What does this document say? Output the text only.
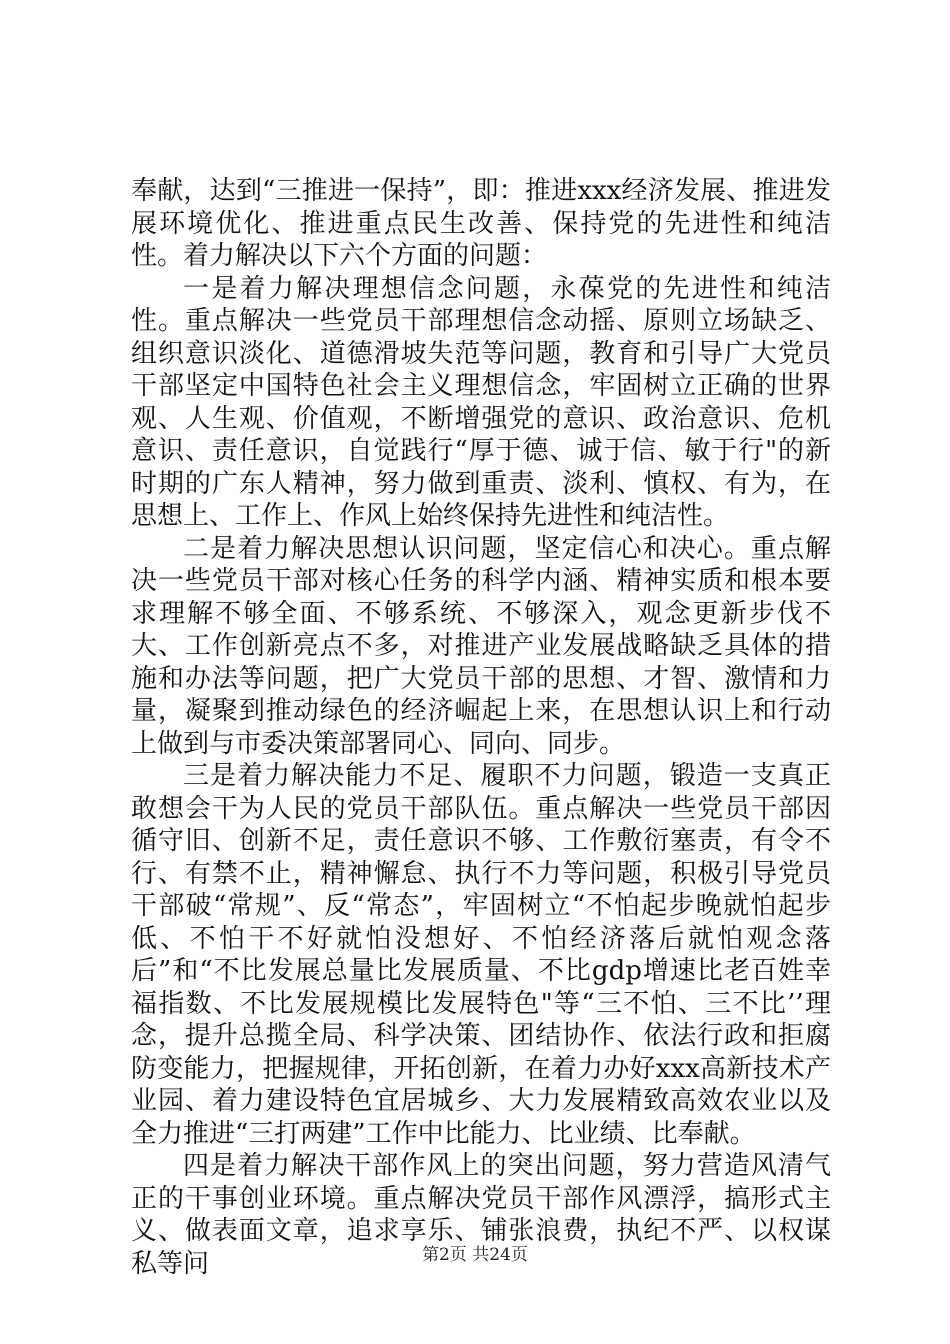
奉献，达到“三推进一保持”，即：推进xxx经济发展、推进发展环境优化、推进重点民生改善、保持党的先进性和纯洁性。着力解决以下六个方面的问题：

一是着力解决理想信念问题，永葆党的先进性和纯洁性。重点解决一些党员干部理想信念动摇、原则立场缺乏、组织意识淡化、道德滑坡失范等问题，教育和引导广大党员干部坚定中国特色社会主义理想信念，牢固树立正确的世界观、人生观、价值观，不断增强党的意识、政治意识、危机意识、责任意识，自觉践行“厚于德、诚于信、敏于行"的新时期的广东人精神，努力做到重责、淡利、慎权、有为，在思想上、工作上、作风上始终保持先进性和纯洁性。

二是着力解决思想认识问题，坚定信心和决心。重点解决一些党员干部对核心任务的科学内涵、精神实质和根本要求理解不够全面、不够系统、不够深入，观念更新步伐不大、工作创新亮点不多，对推进产业发展战略缺乏具体的措施和办法等问题，把广大党员干部的思想、才智、激情和力量，凝聚到推动绿色的经济崛起上来，在思想认识上和行动上做到与市委决策部署同心、同向、同步。

三是着力解决能力不足、履职不力问题，锻造一支真正敢想会干为人民的党员干部队伍。重点解决一些党员干部因循守旧、创新不足，责任意识不够、工作敷衍塞责，有令不行、有禁不止，精神懈怠、执行不力等问题，积极引导党员干部破“常规”、反“常态”，牢固树立“不怕起步晚就怕起步低、不怕干不好就怕没想好、不怕经济落后就怕观念落后”和“不比发展总量比发展质量、不比gdp增速比老百姓幸福指数、不比发展规模比发展特色"等“三不怕、三不比’’理念，提升总揽全局、科学决策、团结协作、依法行政和拒腐防变能力，把握规律，开拓创新，在着力办好xxx高新技术产业园、着力建设特色宜居城乡、大力发展精致高效农业以及全力推进“三打两建”工作中比能力、比业绩、比奉献。

四是着力解决干部作风上的突出问题，努力营造风清气正的干事创业环境。重点解决党员干部作风漂浮，搞形式主义、做表面文章，追求享乐、铺张浪费，执纪不严、以权谋私等问	第2页 共24页
